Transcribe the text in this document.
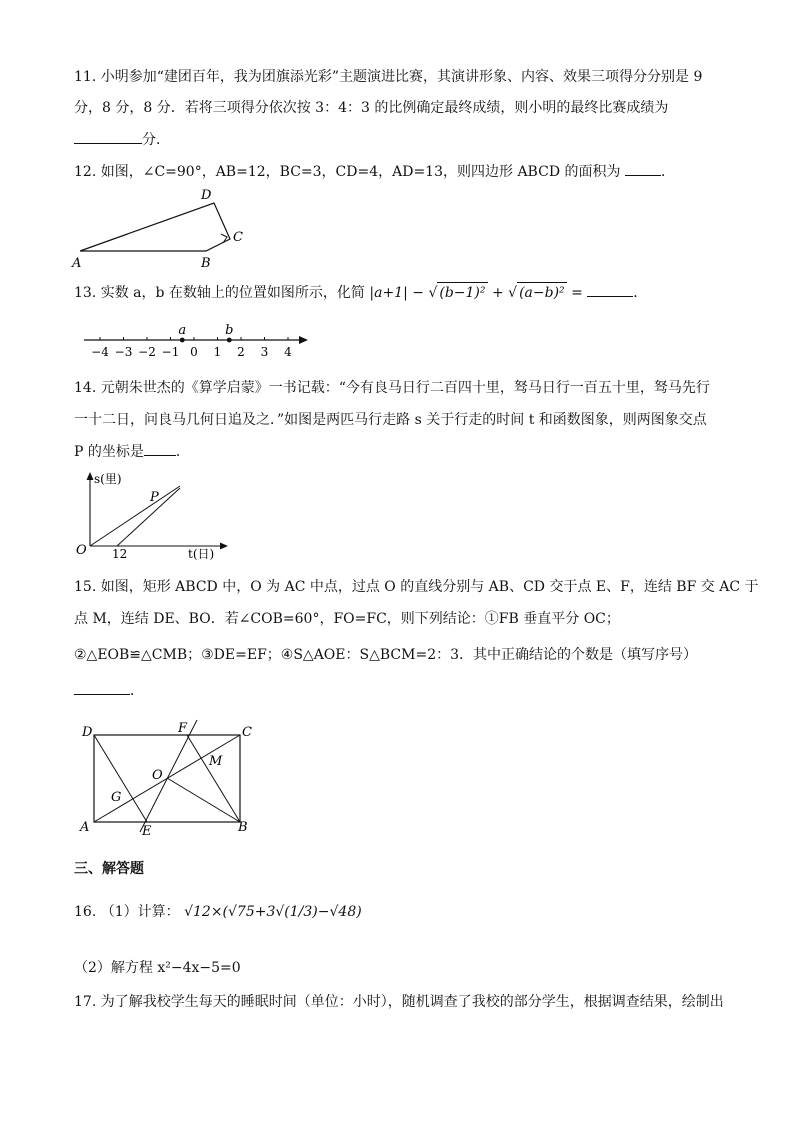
11. 小明参加“建团百年，我为团旗添光彩”主题演进比赛，其演讲形象、内容、效果三项得分分别是 9
分，8 分，8 分．若将三项得分依次按 3：4：3 的比例确定最终成绩，则小明的最终比赛成绩为
分．
12. 如图，∠C=90°，AB=12，BC=3，CD=4，AD=13，则四边形 ABCD 的面积为	．
A	B
C
D
13. 实数 a，b 在数轴上的位置如图所示，化简 |a+1| − √ (b−1)² + √ (a−b)² =	．
−4 −3 −2 −1 0 1 2 3 4
a	b
14. 元朝朱世杰的《算学启蒙》一书记载：“今有良马日行二百四十里，驽马日行一百五十里，驽马先行
一十二日，问良马几何日追及之．”如图是两匹马行走路 s 关于行走的时间 t 和函数图象，则两图象交点
P 的坐标是 ．
s(里)
t(日)
O 12
P
15. 如图，矩形 ABCD 中，O 为 AC 中点，过点 O 的直线分别与 AB、CD 交于点 E、F，连结 BF 交 AC 于
点 M，连结 DE、BO．若∠COB=60°，FO=FC，则下列结论：①FB 垂直平分 OC；
②△EOB≌△CMB；③DE=EF；④S△AOE：S△BCM=2：3．其中正确结论的个数是（填写序号）
．
D	C
A	B
E
F
G
M
O
三、解答题
16. （1）计算： √12×(√75+3√(1/3)−√48)
（2）解方程 x²−4x−5=0
17. 为了解我校学生每天的睡眠时间（单位：小时），随机调查了我校的部分学生，根据调查结果，绘制出
